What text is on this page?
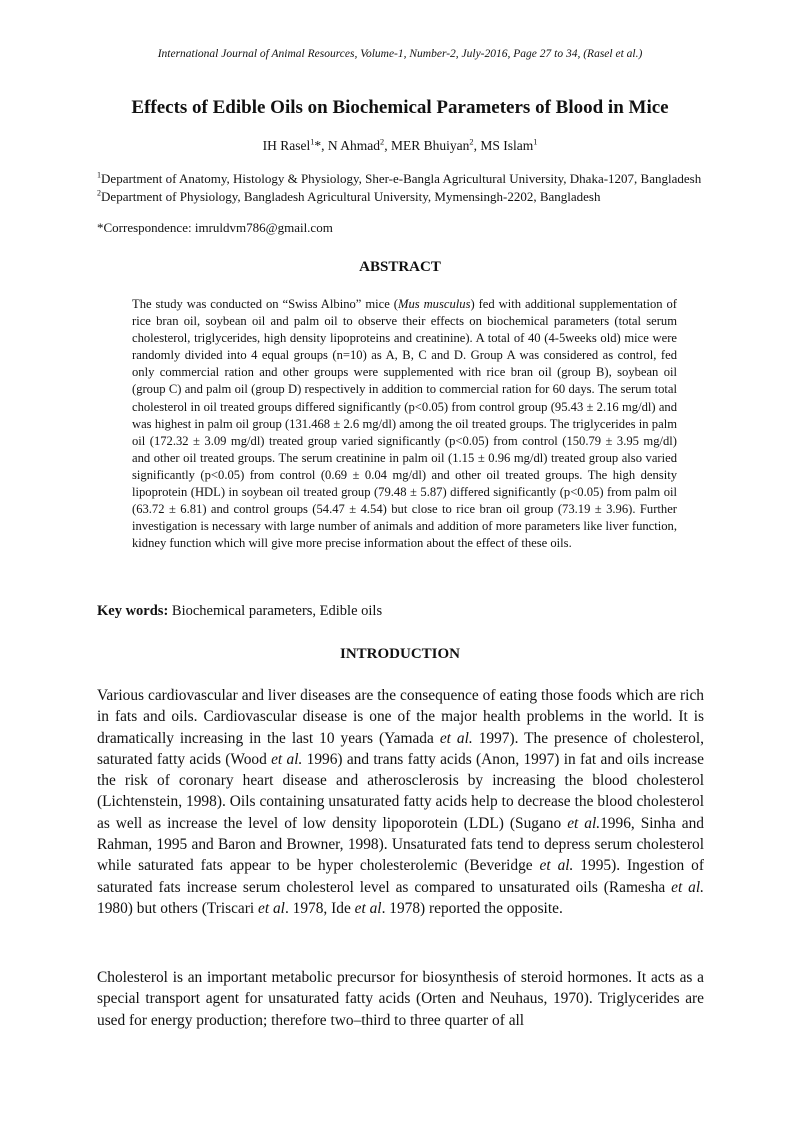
International Journal of Animal Resources, Volume-1, Number-2, July-2016, Page 27 to 34, (Rasel et al.)
Effects of Edible Oils on Biochemical Parameters of Blood in Mice
IH Rasel$^1$*, N Ahmad$^2$, MER Bhuiyan$^2$, MS Islam$^1$
$^1$Department of Anatomy, Histology & Physiology, Sher-e-Bangla Agricultural University, Dhaka-1207, Bangladesh
$^2$Department of Physiology, Bangladesh Agricultural University, Mymensingh-2202, Bangladesh
*Correspondence: imruldvm786@gmail.com
ABSTRACT
The study was conducted on “Swiss Albino” mice (Mus musculus) fed with additional supplementation of rice bran oil, soybean oil and palm oil to observe their effects on biochemical parameters (total serum cholesterol, triglycerides, high density lipoproteins and creatinine). A total of 40 (4-5weeks old) mice were randomly divided into 4 equal groups (n=10) as A, B, C and D. Group A was considered as control, fed only commercial ration and other groups were supplemented with rice bran oil (group B), soybean oil (group C) and palm oil (group D) respectively in addition to commercial ration for 60 days. The serum total cholesterol in oil treated groups differed significantly (p<0.05) from control group (95.43 ± 2.16 mg/dl) and was highest in palm oil group (131.468 ± 2.6 mg/dl) among the oil treated groups. The triglycerides in palm oil (172.32 ± 3.09 mg/dl) treated group varied significantly (p<0.05) from control (150.79 ± 3.95 mg/dl) and other oil treated groups. The serum creatinine in palm oil (1.15 ± 0.96 mg/dl) treated group also varied significantly (p<0.05) from control (0.69 ± 0.04 mg/dl) and other oil treated groups. The high density lipoprotein (HDL) in soybean oil treated group (79.48 ± 5.87) differed significantly (p<0.05) from palm oil (63.72 ± 6.81) and control groups (54.47 ± 4.54) but close to rice bran oil group (73.19 ± 3.96). Further investigation is necessary with large number of animals and addition of more parameters like liver function, kidney function which will give more precise information about the effect of these oils.
Key words: Biochemical parameters, Edible oils
INTRODUCTION
Various cardiovascular and liver diseases are the consequence of eating those foods which are rich in fats and oils. Cardiovascular disease is one of the major health problems in the world. It is dramatically increasing in the last 10 years (Yamada et al. 1997). The presence of cholesterol, saturated fatty acids (Wood et al. 1996) and trans fatty acids (Anon, 1997) in fat and oils increase the risk of coronary heart disease and atherosclerosis by increasing the blood cholesterol (Lichtenstein, 1998). Oils containing unsaturated fatty acids help to decrease the blood cholesterol as well as increase the level of low density lipoporotein (LDL) (Sugano et al.1996, Sinha and Rahman, 1995 and Baron and Browner, 1998). Unsaturated fats tend to depress serum cholesterol while saturated fats appear to be hyper cholesterolemic (Beveridge et al. 1995). Ingestion of saturated fats increase serum cholesterol level as compared to unsaturated oils (Ramesha et al. 1980) but others (Triscari et al. 1978, Ide et al. 1978) reported the opposite.
Cholesterol is an important metabolic precursor for biosynthesis of steroid hormones. It acts as a special transport agent for unsaturated fatty acids (Orten and Neuhaus, 1970). Triglycerides are used for energy production; therefore two–third to three quarter of all
